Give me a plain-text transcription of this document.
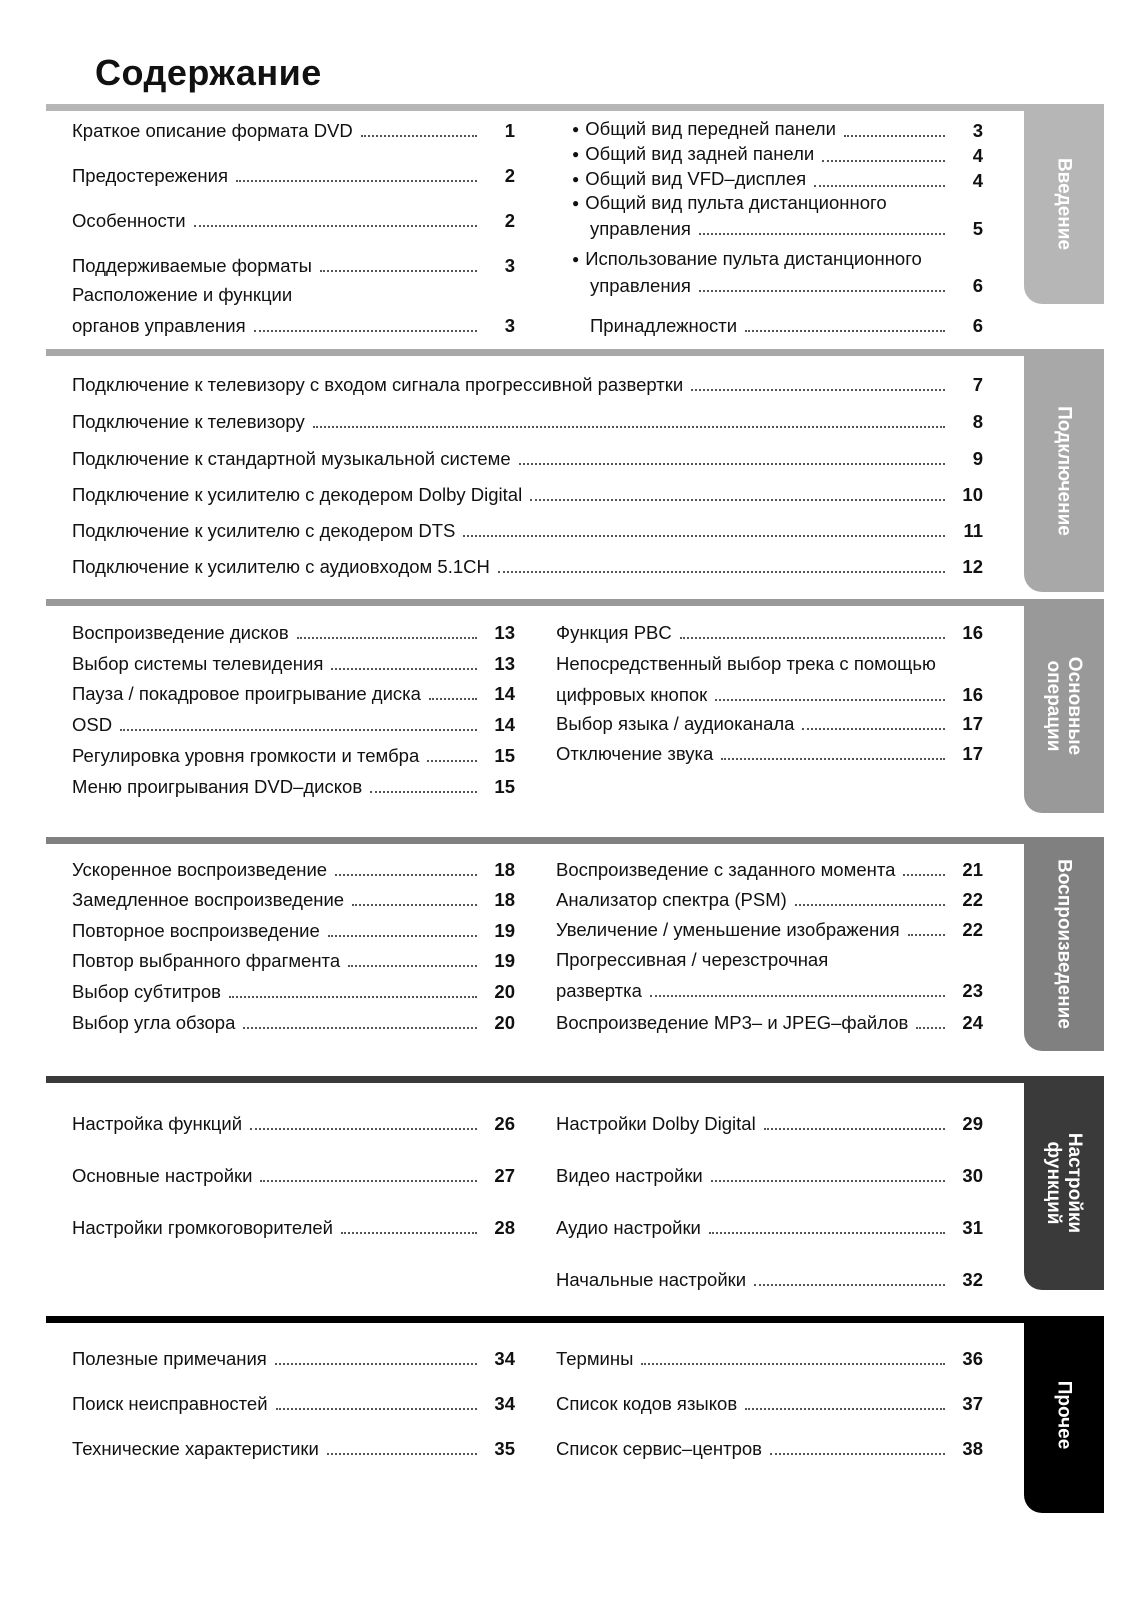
Содержание
Введение
Краткое описание формата DVD	1
Предостережения	2
Особенности	2
Поддерживаемые форматы	3
Расположение и функции
органов управления	3
● Общий вид передней панели	3
● Общий вид задней панели	4
● Общий вид VFD–дисплея	4
● Общий вид пульта дистанционного
управления	5
● Использование пульта дистанционного
управления	6
Принадлежности	6
Подключение
Подключение к телевизору с входом сигнала прогрессивной развертки	7
Подключение к телевизору	8
Подключение к стандартной музыкальной системе	9
Подключение к усилителю с декодером Dolby Digital	10
Подключение к усилителю с декодером DTS	11
Подключение к усилителю с аудиовходом 5.1CH	12
Основные
операции
Воспроизведение дисков	13
Выбор системы телевидения	13
Пауза / покадровое проигрывание диска	14
OSD	14
Регулировка уровня громкости и тембра	15
Меню проигрывания DVD–дисков	15
Функция PBC	16
Непосредственный выбор трека с помощью
цифровых кнопок	16
Выбор языка / аудиоканала	17
Отключение звука	17
Воспроизведение
Ускоренное воспроизведение	18
Замедленное воспроизведение	18
Повторное воспроизведение	19
Повтор выбранного фрагмента	19
Выбор субтитров	20
Выбор угла обзора	20
Воспроизведение с заданного момента	21
Анализатор спектра (PSM)	22
Увеличение / уменьшение изображения	22
Прогрессивная / черезстрочная
развертка	23
Воспроизведение MP3– и JPEG–файлов	24
Настройки
функций
Настройка функций	26
Основные настройки	27
Настройки громкоговорителей	28
Настройки Dolby Digital	29
Видео настройки	30
Аудио настройки	31
Начальные настройки	32
Прочее
Полезные примечания	34
Поиск неисправностей	34
Технические характеристики	35
Термины	36
Список кодов языков	37
Список сервис–центров	38
